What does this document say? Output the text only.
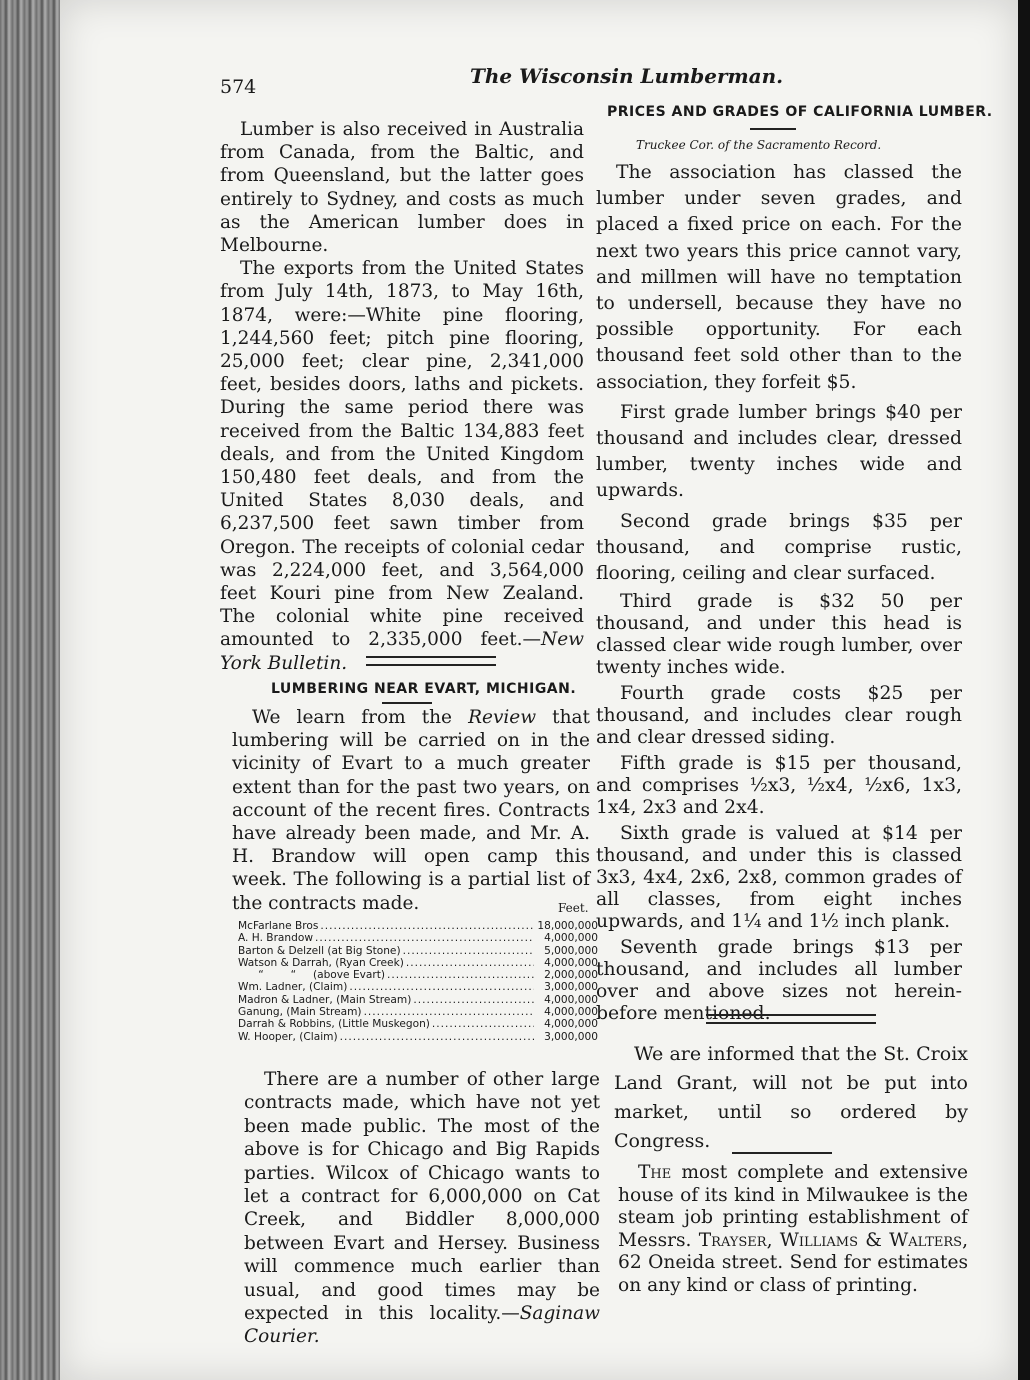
574	The Wisconsin Lumberman.

Lumber is also received in Australia from Canada, from the Baltic, and from Queensland, but the latter goes entirely to Sydney, and costs as much as the American lumber does in Melbourne.

The exports from the United States from July 14th, 1873, to May 16th, 1874, were:—White pine flooring, 1,244,560 feet; pitch pine flooring, 25,000 feet; clear pine, 2,341,000 feet, besides doors, laths and pickets. During the same period there was received from the Baltic 134,883 feet deals, and from the United Kingdom 150,480 feet deals, and from the United States 8,030 deals, and 6,237,500 feet sawn timber from Oregon. The receipts of colonial cedar was 2,224,000 feet, and 3,564,000 feet Kouri pine from New Zealand. The colonial white pine received amounted to 2,335,000 feet.—New York Bulletin.

LUMBERING NEAR EVART, MICHIGAN.

We learn from the Review that lumbering will be carried on in the vicinity of Evart to a much greater extent than for the past two years, on account of the recent fires. Contracts have already been made, and Mr. A. H. Brandow will open camp this week. The following is a partial list of the contracts made.	Feet.
McFarlane Bros .....	18,000,000
A. H. Brandow .....	4,000,000
Barton & Delzell (at Big Stone) .....	5,000,000
Watson & Darrah, (Ryan Creek) .....	4,000,000
“        “     (above Evart) .....	2,000,000
Wm. Ladner, (Claim) .....	3,000,000
Madron & Ladner, (Main Stream) .....	4,000,000
Ganung, (Main Stream) .....	4,000,000
Darrah & Robbins, (Little Muskegon) .....	4,000,000
W. Hooper, (Claim) .....	3,000,000

There are a number of other large contracts made, which have not yet been made public. The most of the above is for Chicago and Big Rapids parties. Wilcox of Chicago wants to let a contract for 6,000,000 on Cat Creek, and Biddler 8,000,000 between Evart and Hersey. Business will commence much earlier than usual, and good times may be expected in this locality.—Saginaw Courier.

PRICES AND GRADES OF CALIFORNIA LUMBER.
Truckee Cor. of the Sacramento Record.

The association has classed the lumber under seven grades, and placed a fixed price on each. For the next two years this price cannot vary, and millmen will have no temptation to undersell, because they have no possible opportunity. For each thousand feet sold other than to the association, they forfeit $5.

First grade lumber brings $40 per thousand and includes clear, dressed lumber, twenty inches wide and upwards.

Second grade brings $35 per thousand, and comprise rustic, flooring, ceiling and clear surfaced.

Third grade is $32 50 per thousand, and under this head is classed clear wide rough lumber, over twenty inches wide.

Fourth grade costs $25 per thousand, and includes clear rough and clear dressed siding.

Fifth grade is $15 per thousand, and comprises ½x3, ½x4, ½x6, 1x3, 1x4, 2x3 and 2x4.

Sixth grade is valued at $14 per thousand, and under this is classed 3x3, 4x4, 2x6, 2x8, common grades of all classes, from eight inches upwards, and 1¼ and 1½ inch plank.

Seventh grade brings $13 per thousand, and includes all lumber over and above sizes not herein-before mentioned.

We are informed that the St. Croix Land Grant, will not be put into market, until so ordered by Congress.

The most complete and extensive house of its kind in Milwaukee is the steam job printing establishment of Messrs. Trayser, Williams & Walters, 62 Oneida street. Send for estimates on any kind or class of printing.
